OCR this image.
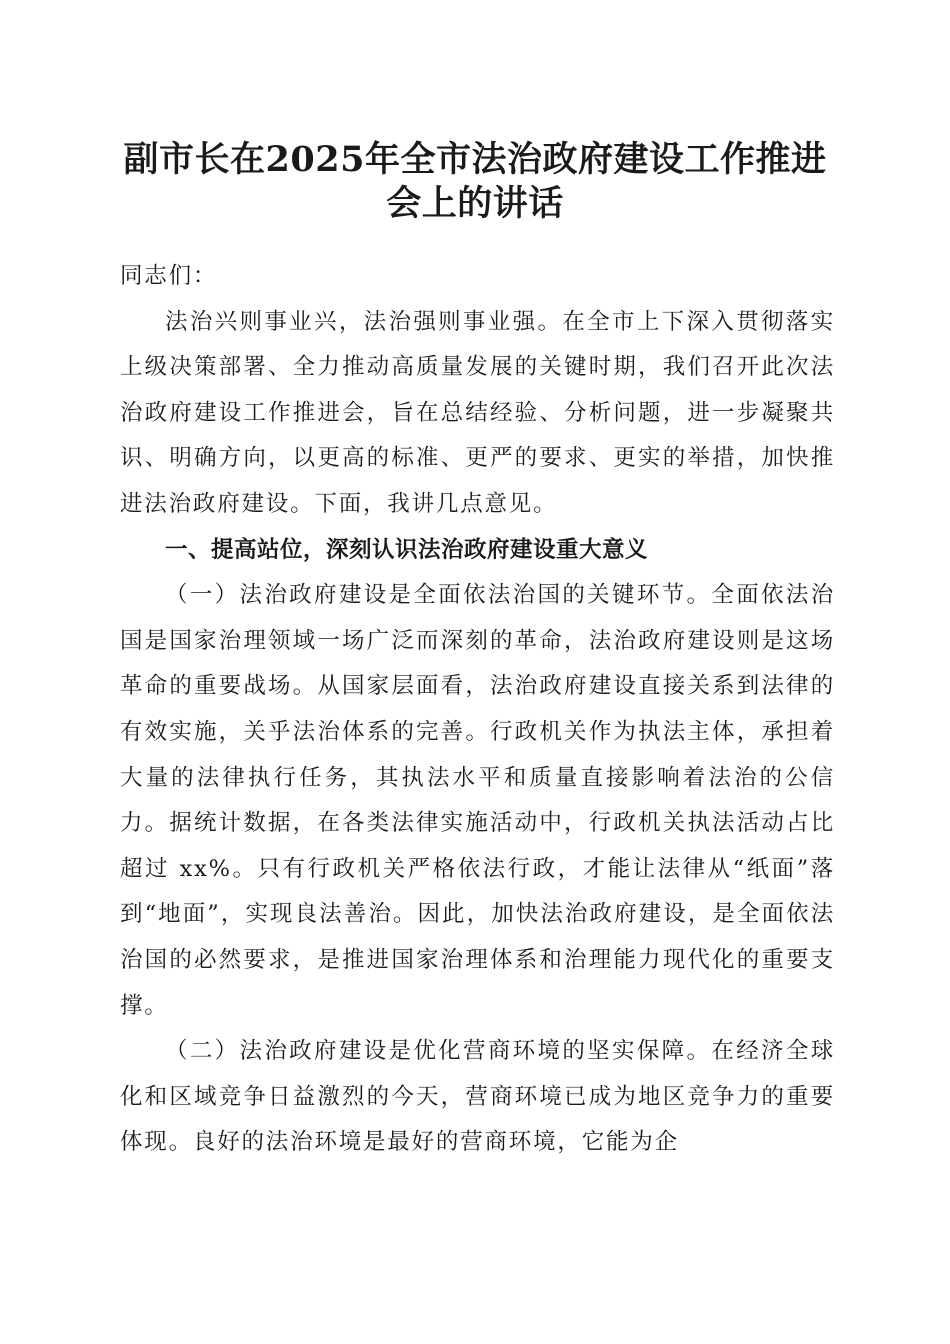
副市长在2025年全市法治政府建设工作推进
会上的讲话

同志们：

法治兴则事业兴，法治强则事业强。在全市上下深入贯彻落实上级决策部署、全力推动高质量发展的关键时期，我们召开此次法治政府建设工作推进会，旨在总结经验、分析问题，进一步凝聚共识、明确方向，以更高的标准、更严的要求、更实的举措，加快推进法治政府建设。下面，我讲几点意见。

一、提高站位，深刻认识法治政府建设重大意义

（一）法治政府建设是全面依法治国的关键环节。全面依法治国是国家治理领域一场广泛而深刻的革命，法治政府建设则是这场革命的重要战场。从国家层面看，法治政府建设直接关系到法律的有效实施，关乎法治体系的完善。行政机关作为执法主体，承担着大量的法律执行任务，其执法水平和质量直接影响着法治的公信力。据统计数据，在各类法律实施活动中，行政机关执法活动占比超过 xx%。只有行政机关严格依法行政，才能让法律从“纸面”落到“地面”，实现良法善治。因此，加快法治政府建设，是全面依法治国的必然要求，是推进国家治理体系和治理能力现代化的重要支撑。

（二）法治政府建设是优化营商环境的坚实保障。在经济全球化和区域竞争日益激烈的今天，营商环境已成为地区竞争力的重要体现。良好的法治环境是最好的营商环境，它能为企
